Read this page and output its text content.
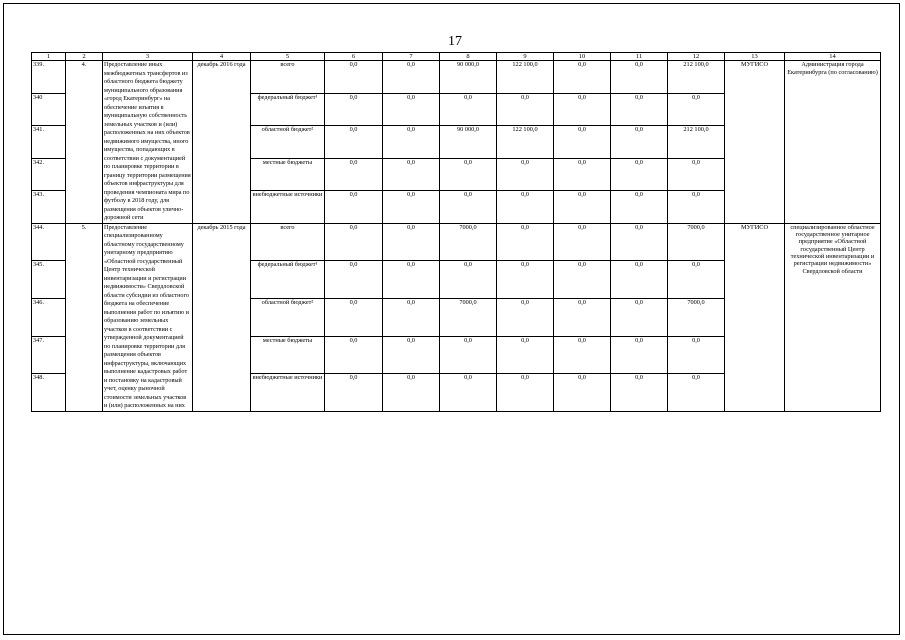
17
1	2	3	4	5	6	7	8	9	10	11	12	13	14
339.	4.	Предоставление иных межбюджетных трансфертов из областного бюджета бюджету муниципального образования «город Екатеринбург» на обеспечение изъятия в муниципальную собственность земельных участков и (или) расположенных на них объектов недвижимого имущества, иного имущества, попадающих в соответствии с документацией по планировке территории в границу территории размещения объектов инфраструктуры для проведения чемпионата мира по футболу в 2018 году, для размещения объектов улично-дорожной сети	декабрь 2016 года	всего	0,0	0,0	90 000,0	122 100,0	0,0	0,0	212 100,0	МУГИСО	Администрация города Екатеринбурга (по согласованию)
340				федеральный бюджет¹	0,0	0,0	0,0	0,0	0,0	0,0	0,0		
341.				областной бюджет²	0,0	0,0	90 000,0	122 100,0	0,0	0,0	212 100,0		
342.				местные бюджеты	0,0	0,0	0,0	0,0	0,0	0,0	0,0		
343.				внебюджетные источники	0,0	0,0	0,0	0,0	0,0	0,0	0,0		
344.	5.	Предоставление специализированному областному государственному унитарному предприятию «Областной государственный Центр технической инвентаризации и регистрации недвижимости» Свердловской области субсидии из областного бюджета на обеспечение выполнения работ по изъятию и образованию земельных участков в соответствии с утвержденной документацией по планировке территории для размещения объектов инфраструктуры, включающих выполнение кадастровых работ и постановку на кадастровый учет, оценку рыночной стоимости земельных участков и (или) расположенных на них	декабрь 2015 года	всего	0,0	0,0	7000,0	0,0	0,0	0,0	7000,0	МУГИСО	специализированное областное государственное унитарное предприятие «Областной государственный Центр технической инвентаризации и регистрации недвижимости» Свердловской области
345.				федеральный бюджет¹	0,0	0,0	0,0	0,0	0,0	0,0	0,0		
346.				областной бюджет²	0,0	0,0	7000,0	0,0	0,0	0,0	7000,0		
347.				местные бюджеты	0,0	0,0	0,0	0,0	0,0	0,0	0,0		
348.				внебюджетные источники	0,0	0,0	0,0	0,0	0,0	0,0	0,0		
